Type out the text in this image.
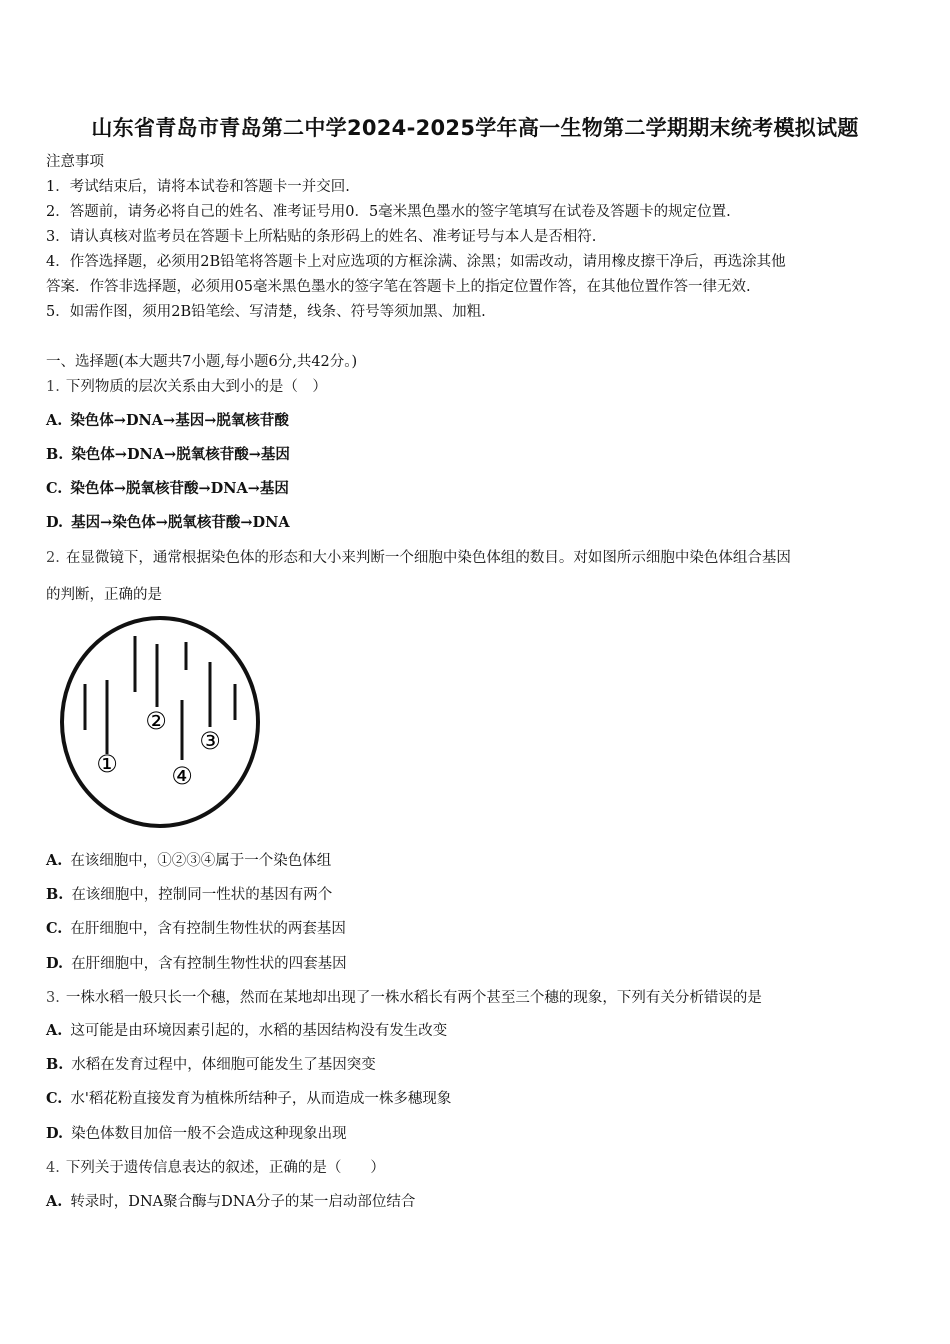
山东省青岛市青岛第二中学2024-2025学年高一生物第二学期期末统考模拟试题
注意事项
1．考试结束后，请将本试卷和答题卡一并交回.
2．答题前，请务必将自己的姓名、准考证号用0．5毫米黑色墨水的签字笔填写在试卷及答题卡的规定位置.
3．请认真核对监考员在答题卡上所粘贴的条形码上的姓名、准考证号与本人是否相符.
4．作答选择题，必须用2B铅笔将答题卡上对应选项的方框涂满、涂黑；如需改动，请用橡皮擦干净后，再选涂其他
答案．作答非选择题，必须用05毫米黑色墨水的签字笔在答题卡上的指定位置作答，在其他位置作答一律无效.
5．如需作图，须用2B铅笔绘、写清楚，线条、符号等须加黑、加粗.
一、选择题(本大题共7小题,每小题6分,共42分。)
1. 下列物质的层次关系由大到小的是（　）
A. 染色体→DNA→基因→脱氧核苷酸
B. 染色体→DNA→脱氧核苷酸→基因
C. 染色体→脱氧核苷酸→DNA→基因
D. 基因→染色体→脱氧核苷酸→DNA
2. 在显微镜下，通常根据染色体的形态和大小来判断一个细胞中染色体组的数目。对如图所示细胞中染色体组合基因
的判断，正确的是
①
②
③
④
A. 在该细胞中，①②③④属于一个染色体组
B. 在该细胞中，控制同一性状的基因有两个
C. 在肝细胞中，含有控制生物性状的两套基因
D. 在肝细胞中，含有控制生物性状的四套基因
3. 一株水稻一般只长一个穗，然而在某地却出现了一株水稻长有两个甚至三个穗的现象，下列有关分析错误的是
A. 这可能是由环境因素引起的，水稻的基因结构没有发生改变
B. 水稻在发育过程中，体细胞可能发生了基因突变
C. 水'稻花粉直接发育为植株所结种子，从而造成一株多穗现象
D. 染色体数目加倍一般不会造成这种现象出现
4. 下列关于遗传信息表达的叙述，正确的是（　　）
A. 转录时，DNA聚合酶与DNA分子的某一启动部位结合
